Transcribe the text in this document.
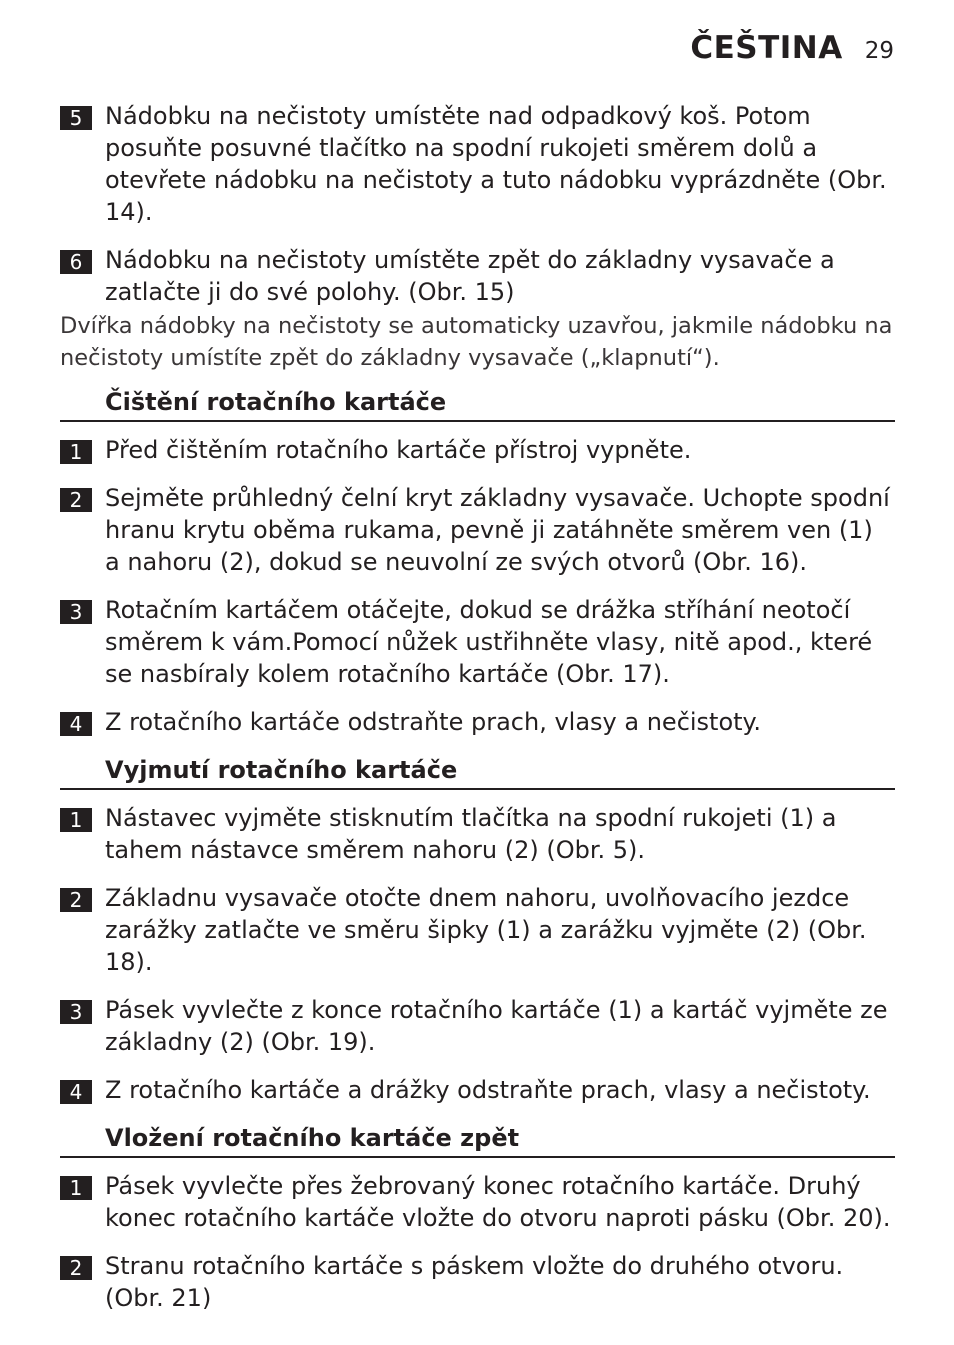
ČEŠTINA 29
5 Nádobku na nečistoty umístěte nad odpadkový koš. Potom posuňte posuvné tlačítko na spodní rukojeti směrem dolů a otevřete nádobku na nečistoty a tuto nádobku vyprázdněte (Obr. 14).
6 Nádobku na nečistoty umístěte zpět do základny vysavače a zatlačte ji do své polohy. (Obr. 15)
Dvířka nádobky na nečistoty se automaticky uzavřou, jakmile nádobku na nečistoty umístíte zpět do základny vysavače („klapnutí“).
Čištění rotačního kartáče
1 Před čištěním rotačního kartáče přístroj vypněte.
2 Sejměte průhledný čelní kryt základny vysavače. Uchopte spodní hranu krytu oběma rukama, pevně ji zatáhněte směrem ven (1) a nahoru (2), dokud se neuvolní ze svých otvorů (Obr. 16).
3 Rotačním kartáčem otáčejte, dokud se drážka stříhání neotočí směrem k vám.Pomocí nůžek ustřihněte vlasy, nitě apod., které se nasbíraly kolem rotačního kartáče (Obr. 17).
4 Z rotačního kartáče odstraňte prach, vlasy a nečistoty.
Vyjmutí rotačního kartáče
1 Nástavec vyjměte stisknutím tlačítka na spodní rukojeti (1) a tahem nástavce směrem nahoru (2) (Obr. 5).
2 Základnu vysavače otočte dnem nahoru, uvolňovacího jezdce zarážky zatlačte ve směru šipky (1) a zarážku vyjměte (2) (Obr. 18).
3 Pásek vyvlečte z konce rotačního kartáče (1) a kartáč vyjměte ze základny (2) (Obr. 19).
4 Z rotačního kartáče a drážky odstraňte prach, vlasy a nečistoty.
Vložení rotačního kartáče zpět
1 Pásek vyvlečte přes žebrovaný konec rotačního kartáče. Druhý konec rotačního kartáče vložte do otvoru naproti pásku (Obr. 20).
2 Stranu rotačního kartáče s páskem vložte do druhého otvoru. (Obr. 21)
